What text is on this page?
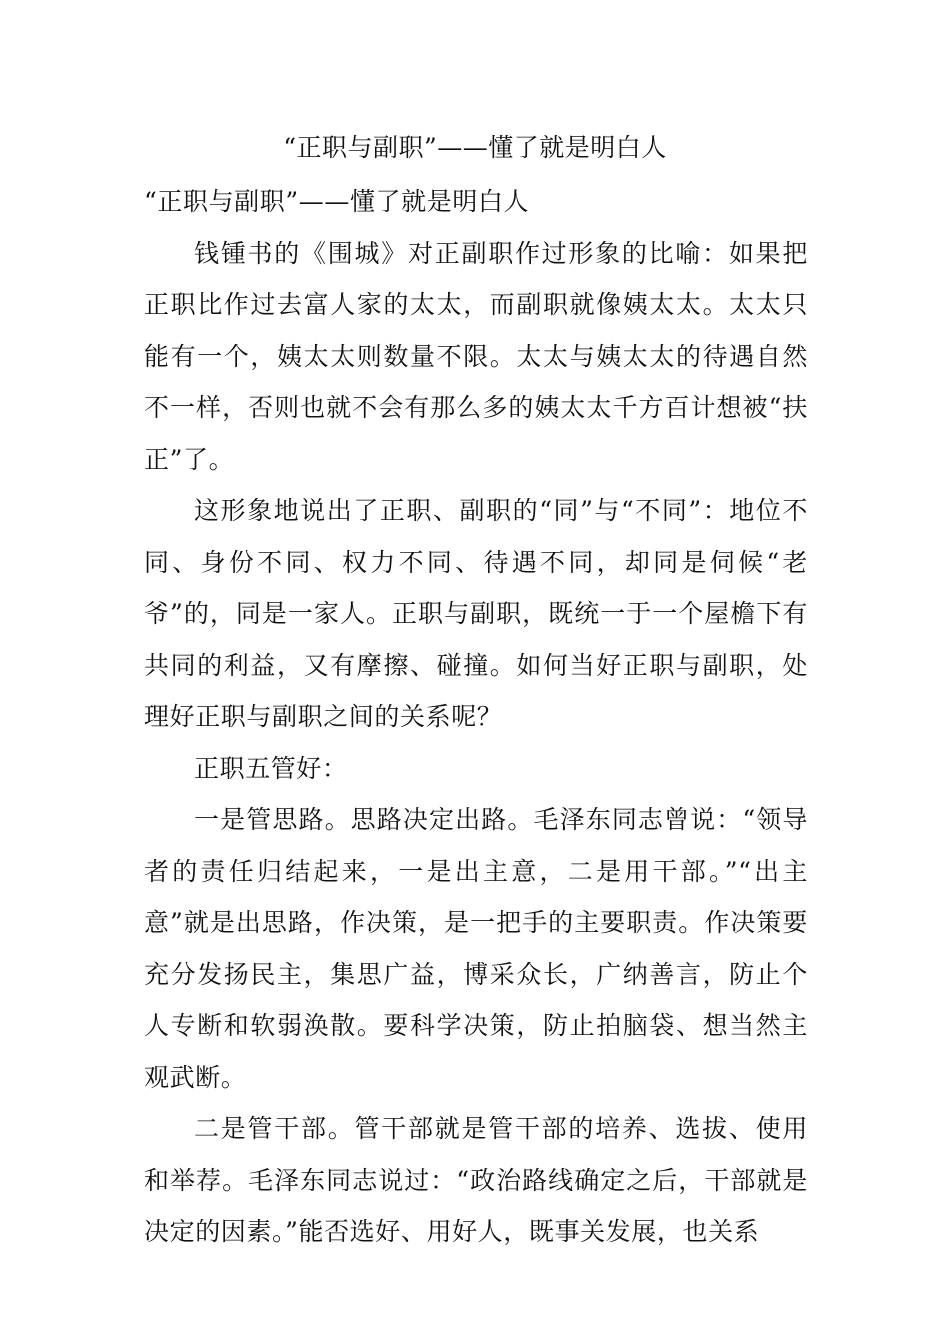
“正职与副职”——懂了就是明白人

“正职与副职”——懂了就是明白人

钱锺书的《围城》对正副职作过形象的比喻：如果把正职比作过去富人家的太太，而副职就像姨太太。太太只能有一个，姨太太则数量不限。太太与姨太太的待遇自然不一样，否则也就不会有那么多的姨太太千方百计想被“扶正”了。

这形象地说出了正职、副职的“同”与“不同”：地位不同、身份不同、权力不同、待遇不同，却同是伺候“老爷”的，同是一家人。正职与副职，既统一于一个屋檐下有共同的利益，又有摩擦、碰撞。如何当好正职与副职，处理好正职与副职之间的关系呢？

正职五管好：

一是管思路。思路决定出路。毛泽东同志曾说：“领导者的责任归结起来，一是出主意，二是用干部。”“出主意”就是出思路，作决策，是一把手的主要职责。作决策要充分发扬民主，集思广益，博采众长，广纳善言，防止个人专断和软弱涣散。要科学决策，防止拍脑袋、想当然主观武断。

二是管干部。管干部就是管干部的培养、选拔、使用和举荐。毛泽东同志说过：“政治路线确定之后，干部就是决定的因素。”能否选好、用好人，既事关发展，也关系
